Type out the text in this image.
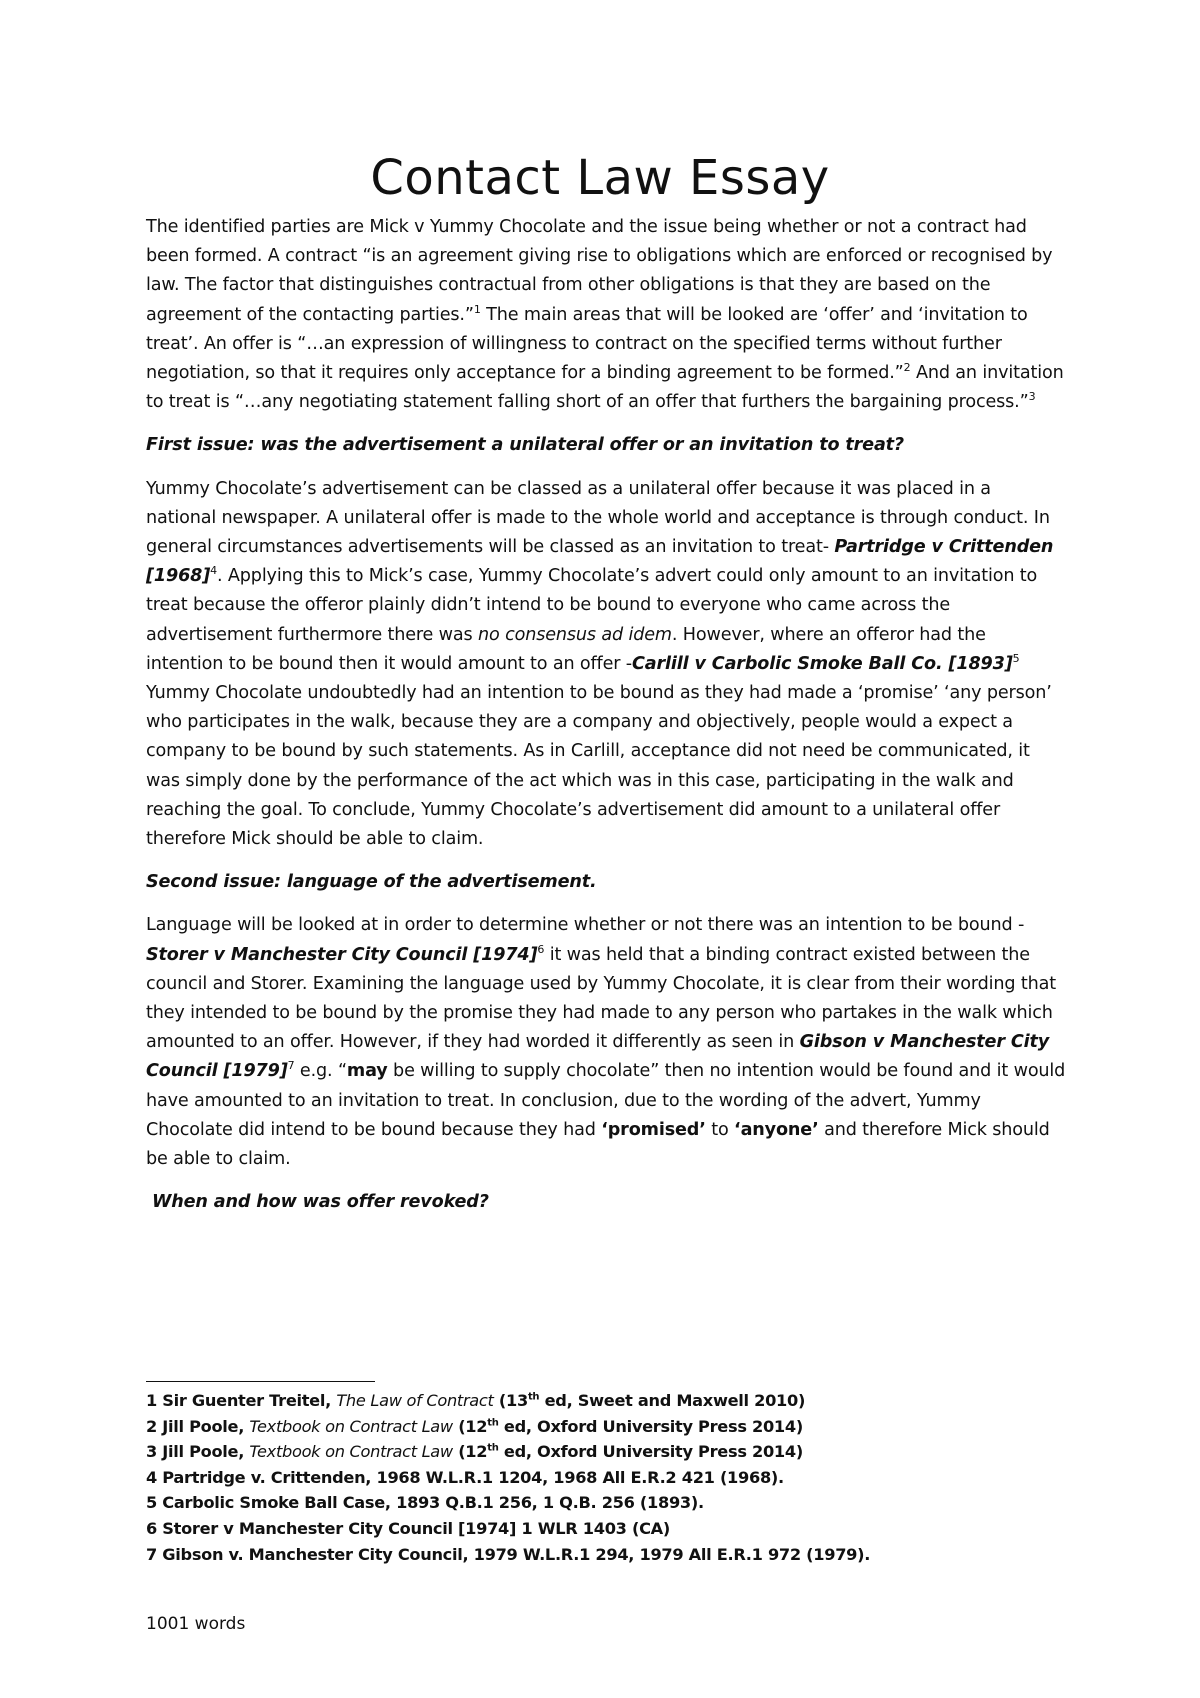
Contact Law Essay

The identified parties are Mick v Yummy Chocolate and the issue being whether or not a contract had been formed. A contract “is an agreement giving rise to obligations which are enforced or recognised by law. The factor that distinguishes contractual from other obligations is that they are based on the agreement of the contacting parties.”$^1$ The main areas that will be looked are ‘offer’ and ‘invitation to treat’. An offer is “…an expression of willingness to contract on the specified terms without further negotiation, so that it requires only acceptance for a binding agreement to be formed.”$^2$ And an invitation to treat is “…any negotiating statement falling short of an offer that furthers the bargaining process.”$^3$

First issue: was the advertisement a unilateral offer or an invitation to treat?

Yummy Chocolate’s advertisement can be classed as a unilateral offer because it was placed in a national newspaper. A unilateral offer is made to the whole world and acceptance is through conduct. In general circumstances advertisements will be classed as an invitation to treat- Partridge v Crittenden $[1968]^4$. Applying this to Mick’s case, Yummy Chocolate’s advert could only amount to an invitation to treat because the offeror plainly didn’t intend to be bound to everyone who came across the advertisement furthermore there was no consensus ad idem. However, where an offeror had the intention to be bound then it would amount to an offer -Carlill v Carbolic Smoke Ball Co. $[1893]^5$ Yummy Chocolate undoubtedly had an intention to be bound as they had made a ‘promise’ ‘any person’ who participates in the walk, because they are a company and objectively, people would a expect a company to be bound by such statements. As in Carlill, acceptance did not need be communicated, it was simply done by the performance of the act which was in this case, participating in the walk and reaching the goal. To conclude, Yummy Chocolate’s advertisement did amount to a unilateral offer therefore Mick should be able to claim.

Second issue: language of the advertisement.

Language will be looked at in order to determine whether or not there was an intention to be bound -Storer v Manchester City Council $[1974]^6$ it was held that a binding contract existed between the council and Storer. Examining the language used by Yummy Chocolate, it is clear from their wording that they intended to be bound by the promise they had made to any person who partakes in the walk which amounted to an offer. However, if they had worded it differently as seen in Gibson v Manchester City Council $[1979]^7$ e.g. “may be willing to supply chocolate” then no intention would be found and it would have amounted to an invitation to treat. In conclusion, due to the wording of the advert, Yummy Chocolate did intend to be bound because they had ‘promised’ to ‘anyone’ and therefore Mick should be able to claim.

When and how was offer revoked?

1 Sir Guenter Treitel, The Law of Contract (13th ed, Sweet and Maxwell 2010)
2 Jill Poole, Textbook on Contract Law (12th ed, Oxford University Press 2014)
3 Jill Poole, Textbook on Contract Law (12th ed, Oxford University Press 2014)
4 Partridge v. Crittenden, 1968 W.L.R.1 1204, 1968 All E.R.2 421 (1968).
5 Carbolic Smoke Ball Case, 1893 Q.B.1 256, 1 Q.B. 256 (1893).
6 Storer v Manchester City Council [1974] 1 WLR 1403 (CA)
7 Gibson v. Manchester City Council, 1979 W.L.R.1 294, 1979 All E.R.1 972 (1979).
1001 words
